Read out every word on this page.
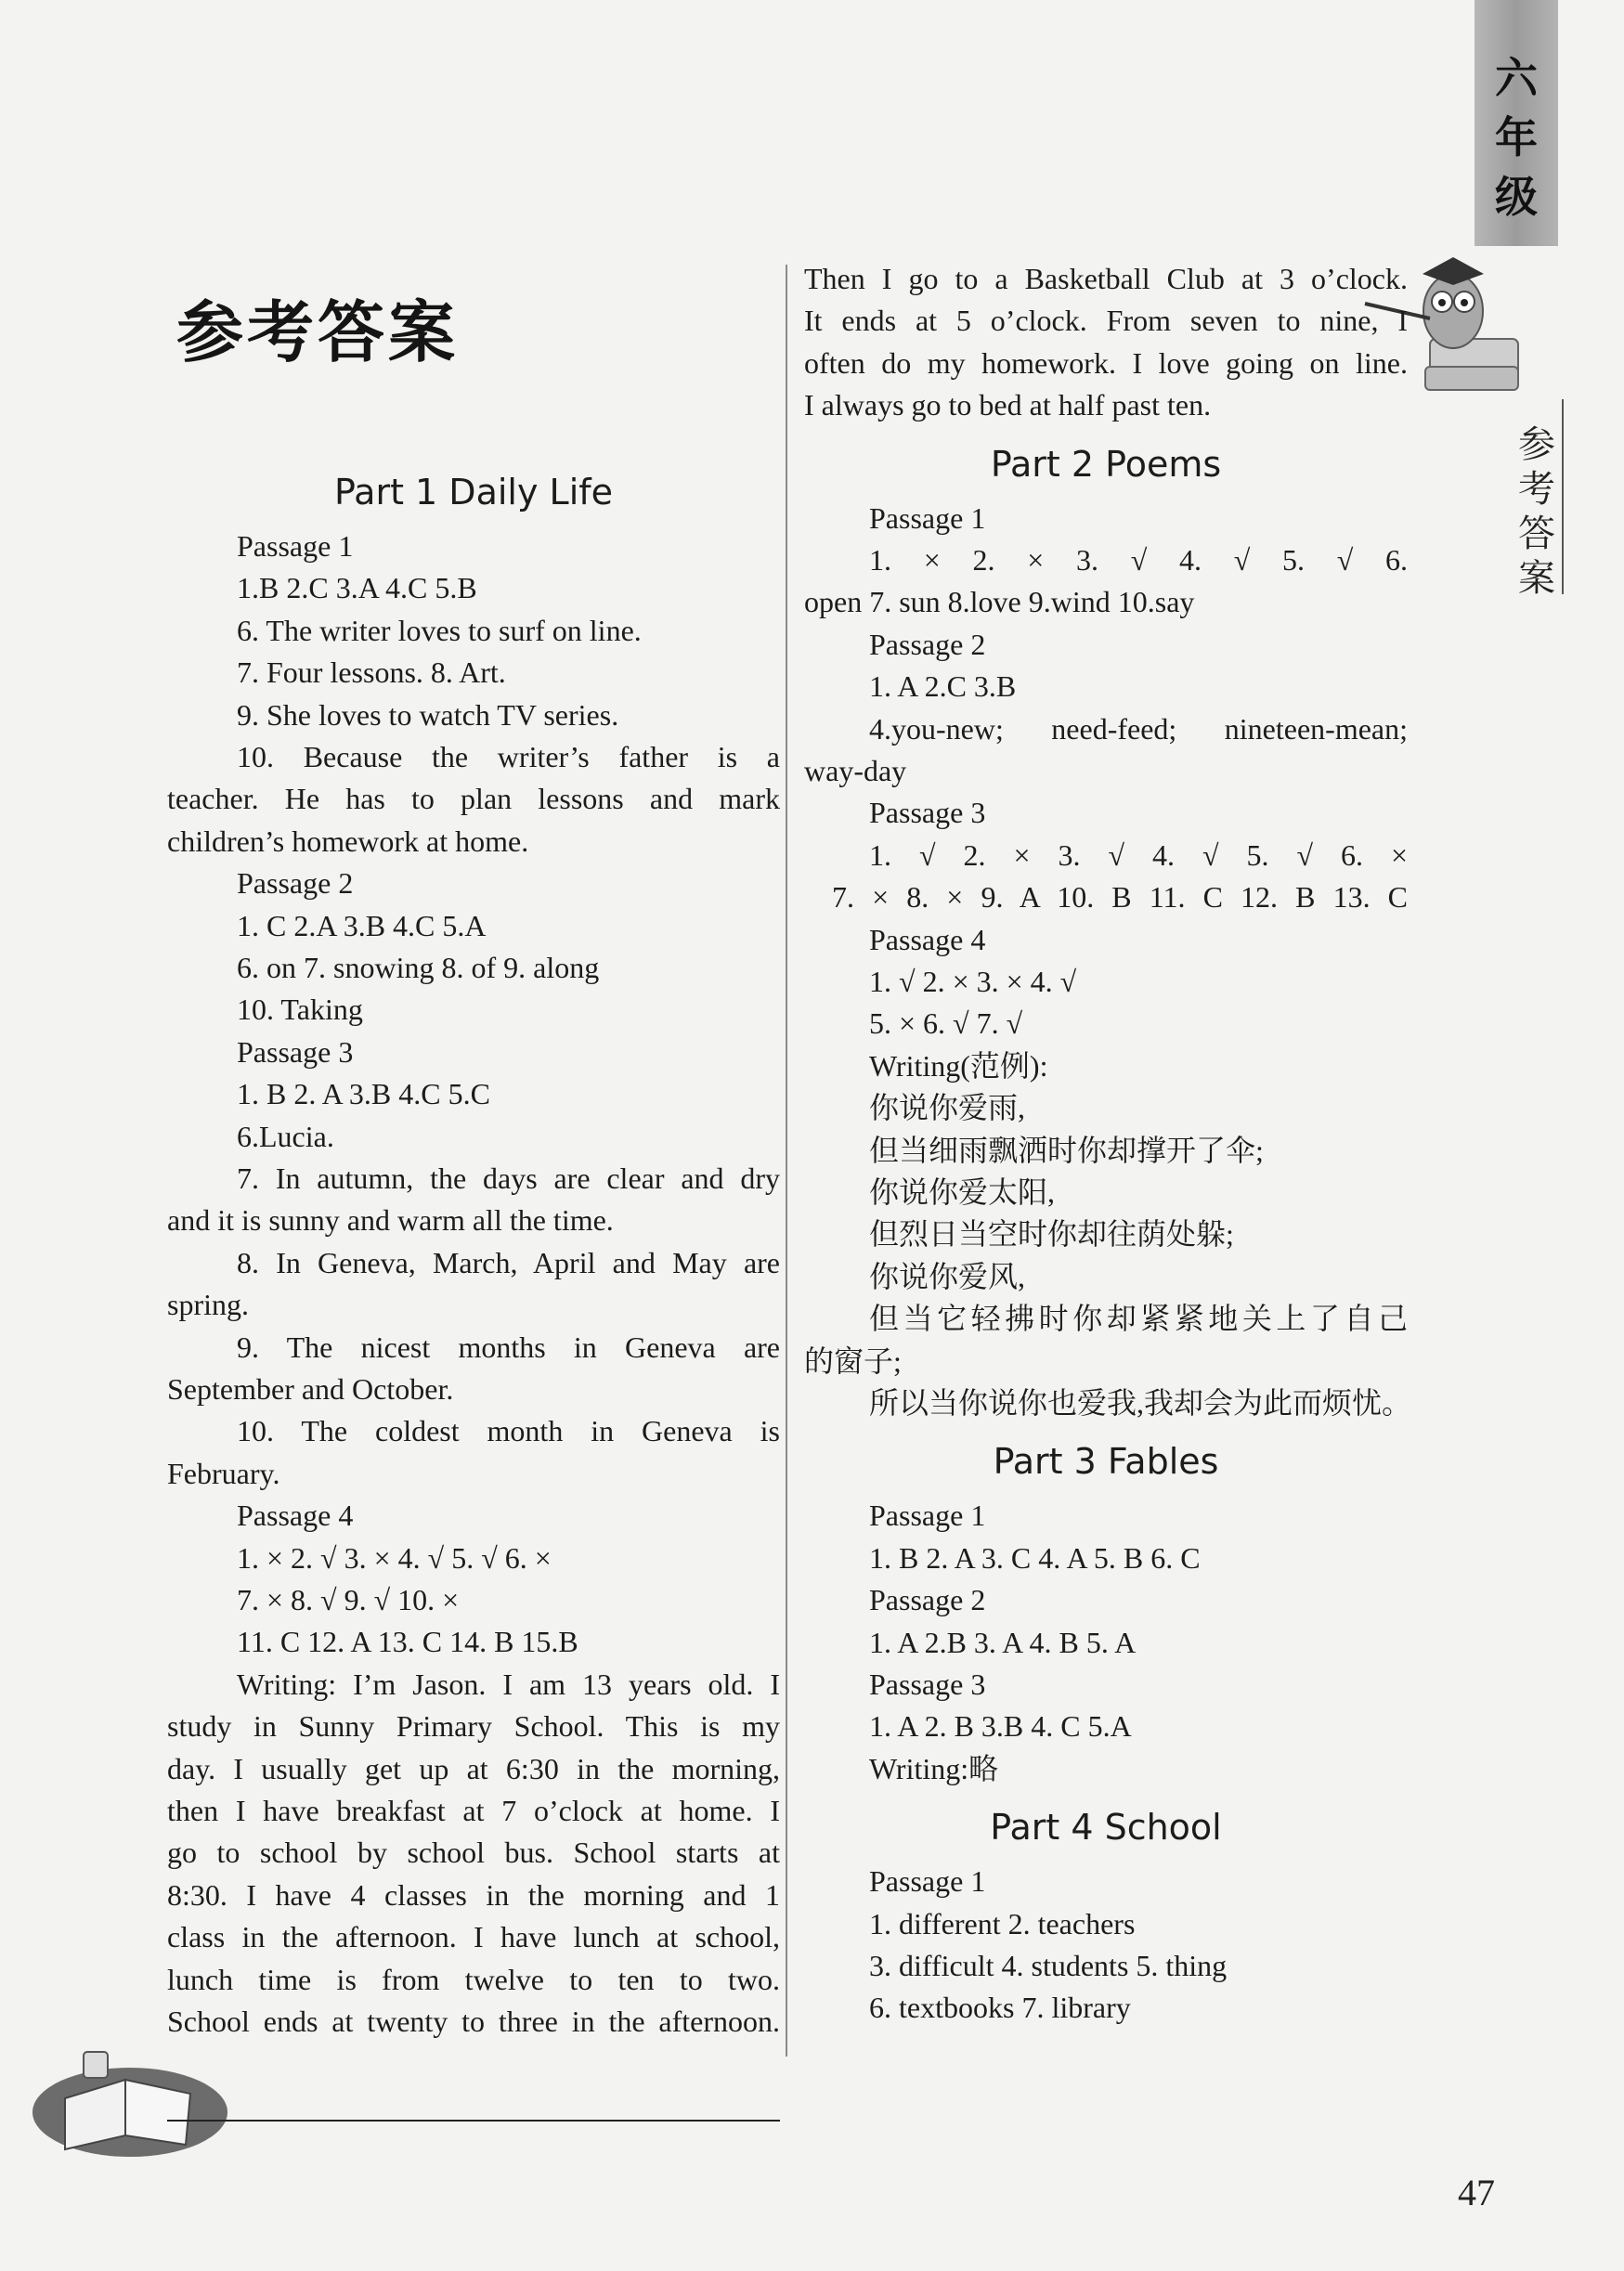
六
年
级
参考答案
参考答案
Part 1 Daily Life
Passage 1
1.B 2.C 3.A 4.C 5.B
6. The writer loves to surf on line.
7. Four lessons. 8. Art.
9. She loves to watch TV series.
10. Because the writer’s father is a
teacher. He has to plan lessons and mark
children’s homework at home.
Passage 2
1. C 2.A 3.B 4.C 5.A
6. on 7. snowing 8. of 9. along
10. Taking
Passage 3
1. B 2. A 3.B 4.C 5.C
6.Lucia.
7. In autumn, the days are clear and dry
and it is sunny and warm all the time.
8. In Geneva, March, April and May are
spring.
9. The nicest months in Geneva are
September and October.
10. The coldest month in Geneva is
February.
Passage 4
1. × 2. √ 3. × 4. √ 5. √ 6. ×
7. × 8. √ 9. √ 10. ×
11. C 12. A 13. C 14. B 15.B
Writing: I’m Jason. I am 13 years old. I
study in Sunny Primary School. This is my
day. I usually get up at 6:30 in the morning,
then I have breakfast at 7 o’clock at home. I
go to school by school bus. School starts at
8:30. I have 4 classes in the morning and 1
class in the afternoon. I have lunch at school,
lunch time is from twelve to ten to two.
School ends at twenty to three in the afternoon.
Then I go to a Basketball Club at 3 o’clock.
It ends at 5 o’clock. From seven to nine, I
often do my homework. I love going on line.
I always go to bed at half past ten.
Part 2 Poems
Passage 1
1. × 2. × 3. √ 4. √ 5. √ 6.
open 7. sun 8.love 9.wind 10.say
Passage 2
1. A 2.C 3.B
4.you-new; need-feed; nineteen-mean;
way-day
Passage 3
1. √ 2. × 3. √ 4. √ 5. √ 6. ×
7. × 8. × 9. A 10. B 11. C 12. B 13. C
Passage 4
1. √ 2. × 3. × 4. √
5. × 6. √ 7. √
Writing(范例):
你说你爱雨,
但当细雨飘洒时你却撑开了伞;
你说你爱太阳,
但烈日当空时你却往荫处躲;
你说你爱风,
但当它轻拂时你却紧紧地关上了自己
的窗子;
所以当你说你也爱我,我却会为此而烦忧。
Part 3 Fables
Passage 1
1. B 2. A 3. C 4. A 5. B 6. C
Passage 2
1. A 2.B 3. A 4. B 5. A
Passage 3
1. A 2. B 3.B 4. C 5.A
Writing:略
Part 4 School
Passage 1
1. different 2. teachers
3. difficult 4. students 5. thing
6. textbooks 7. library
47
